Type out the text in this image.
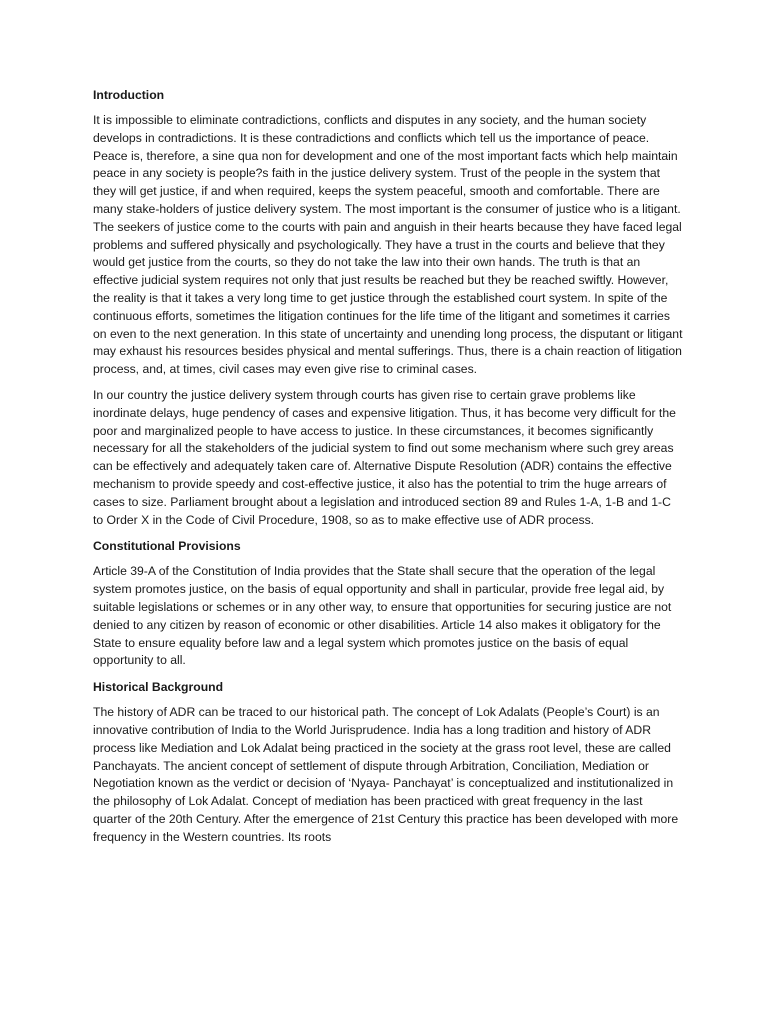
Introduction

It is impossible to eliminate contradictions, conflicts and disputes in any society, and the human society develops in contradictions. It is these contradictions and conflicts which tell us the importance of peace. Peace is, therefore, a sine qua non for development and one of the most important facts which help maintain peace in any society is people?s faith in the justice delivery system. Trust of the people in the system that they will get justice, if and when required, keeps the system peaceful, smooth and comfortable. There are many stake-holders of justice delivery system. The most important is the consumer of justice who is a litigant. The seekers of justice come to the courts with pain and anguish in their hearts because they have faced legal problems and suffered physically and psychologically. They have a trust in the courts and believe that they would get justice from the courts, so they do not take the law into their own hands. The truth is that an effective judicial system requires not only that just results be reached but they be reached swiftly. However, the reality is that it takes a very long time to get justice through the established court system. In spite of the continuous efforts, sometimes the litigation continues for the life time of the litigant and sometimes it carries on even to the next generation. In this state of uncertainty and unending long process, the disputant or litigant may exhaust his resources besides physical and mental sufferings. Thus, there is a chain reaction of litigation process, and, at times, civil cases may even give rise to criminal cases.

In our country the justice delivery system through courts has given rise to certain grave problems like inordinate delays, huge pendency of cases and expensive litigation. Thus, it has become very difficult for the poor and marginalized people to have access to justice. In these circumstances, it becomes significantly necessary for all the stakeholders of the judicial system to find out some mechanism where such grey areas can be effectively and adequately taken care of. Alternative Dispute Resolution (ADR) contains the effective mechanism to provide speedy and cost-effective justice, it also has the potential to trim the huge arrears of cases to size. Parliament brought about a legislation and introduced section 89 and Rules 1-A, 1-B and 1-C to Order X in the Code of Civil Procedure, 1908, so as to make effective use of ADR process.

Constitutional Provisions

Article 39-A of the Constitution of India provides that the State shall secure that the operation of the legal system promotes justice, on the basis of equal opportunity and shall in particular, provide free legal aid, by suitable legislations or schemes or in any other way, to ensure that opportunities for securing justice are not denied to any citizen by reason of economic or other disabilities. Article 14 also makes it obligatory for the State to ensure equality before law and a legal system which promotes justice on the basis of equal opportunity to all.

Historical Background

The history of ADR can be traced to our historical path. The concept of Lok Adalats (People’s Court) is an innovative contribution of India to the World Jurisprudence. India has a long tradition and history of ADR process like Mediation and Lok Adalat being practiced in the society at the grass root level, these are called Panchayats. The ancient concept of settlement of dispute through Arbitration, Conciliation, Mediation or Negotiation known as the verdict or decision of ‘Nyaya- Panchayat’ is conceptualized and institutionalized in the philosophy of Lok Adalat. Concept of mediation has been practiced with great frequency in the last quarter of the 20th Century. After the emergence of 21st Century this practice has been developed with more frequency in the Western countries. Its roots
